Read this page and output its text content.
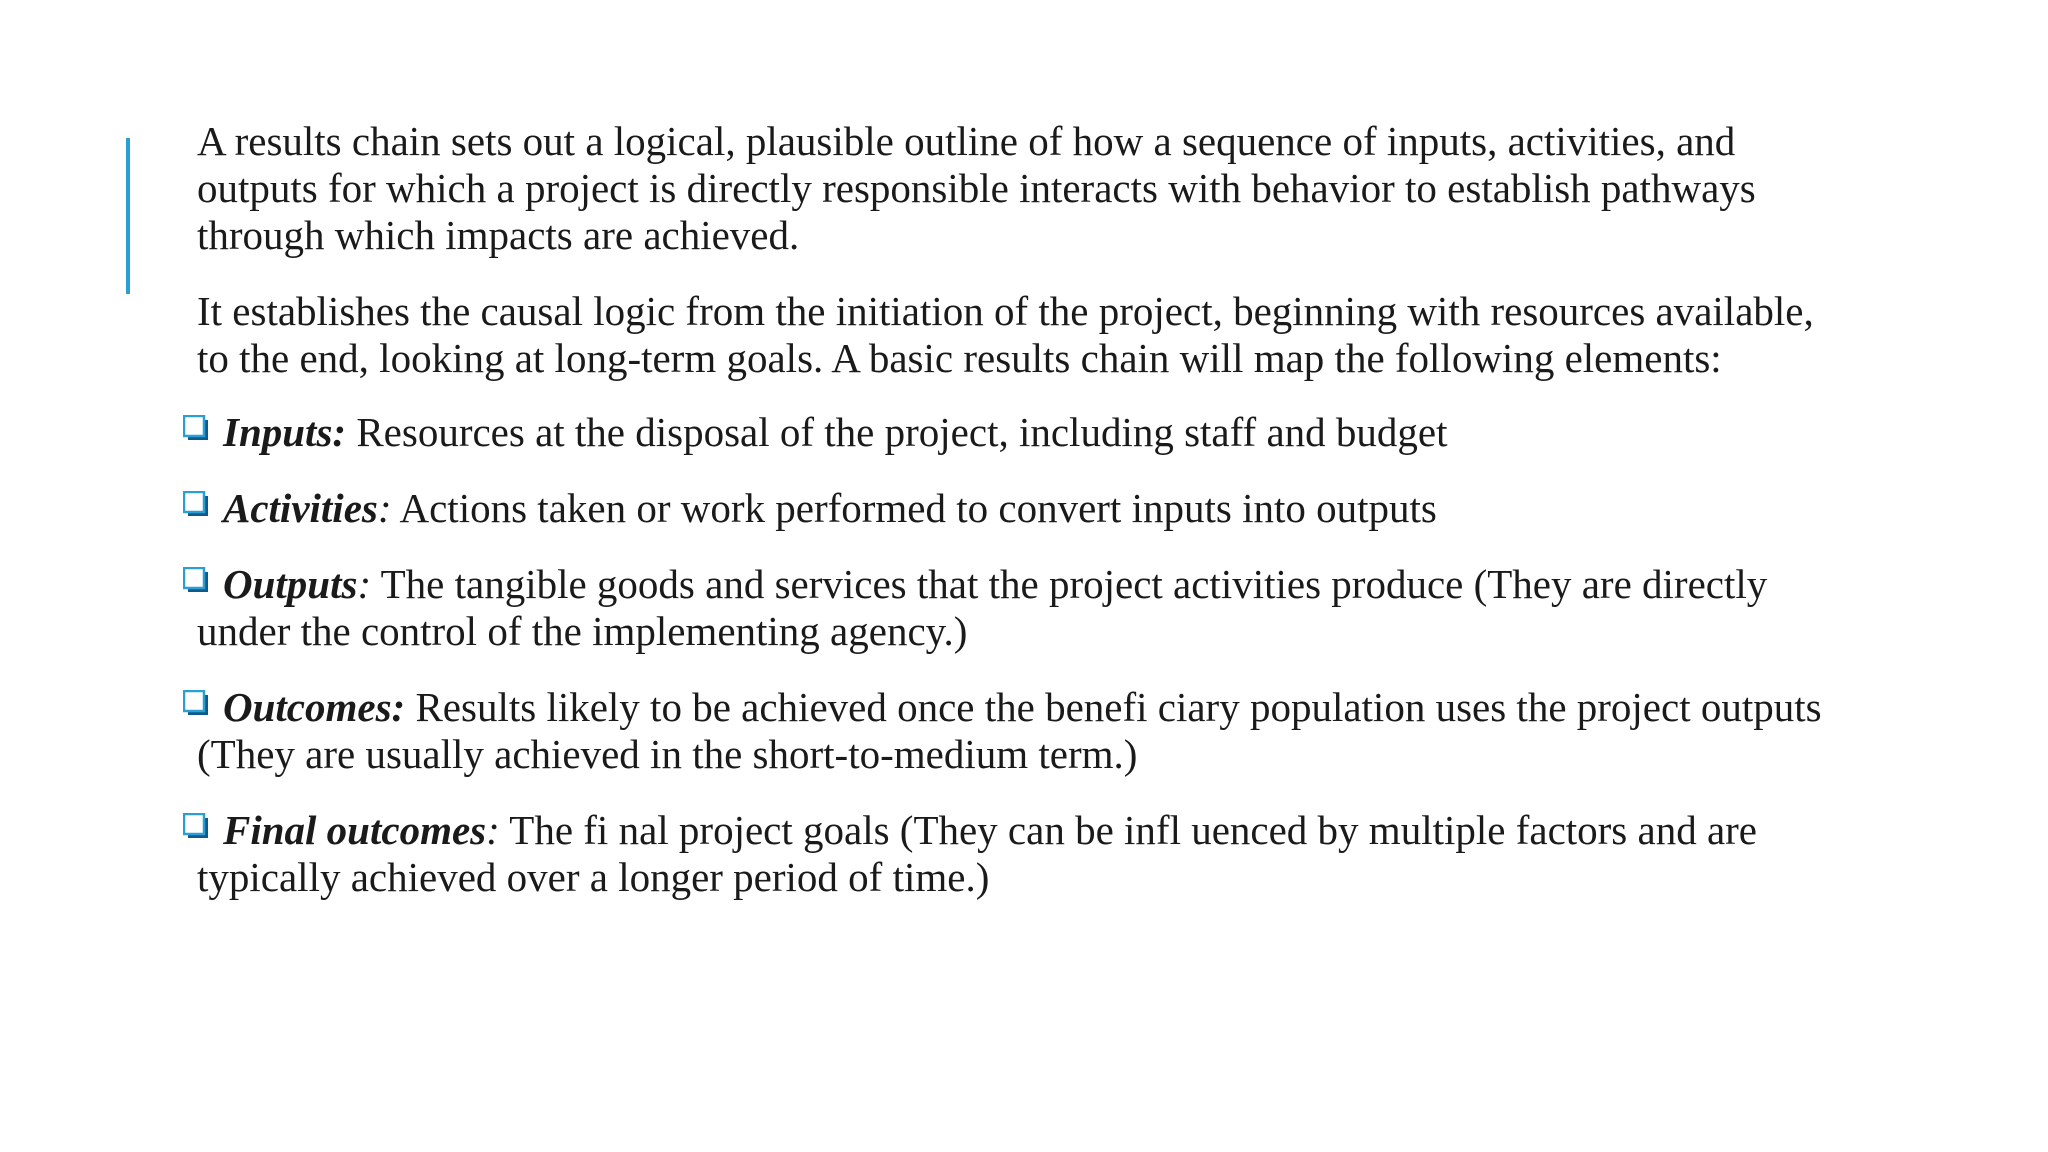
A results chain sets out a logical, plausible outline of how a sequence of inputs, activities, and outputs for which a project is directly responsible interacts with behavior to establish pathways through which impacts are achieved.

It establishes the causal logic from the initiation of the project, beginning with resources available, to the end, looking at long-term goals. A basic results chain will map the following elements:

Inputs: Resources at the disposal of the project, including staff and budget
Activities: Actions taken or work performed to convert inputs into outputs
Outputs: The tangible goods and services that the project activities produce (They are directly under the control of the implementing agency.)
Outcomes: Results likely to be achieved once the benefi ciary population uses the project outputs (They are usually achieved in the short-to-medium term.)
Final outcomes: The fi nal project goals (They can be infl uenced by multiple factors and are typically achieved over a longer period of time.)
